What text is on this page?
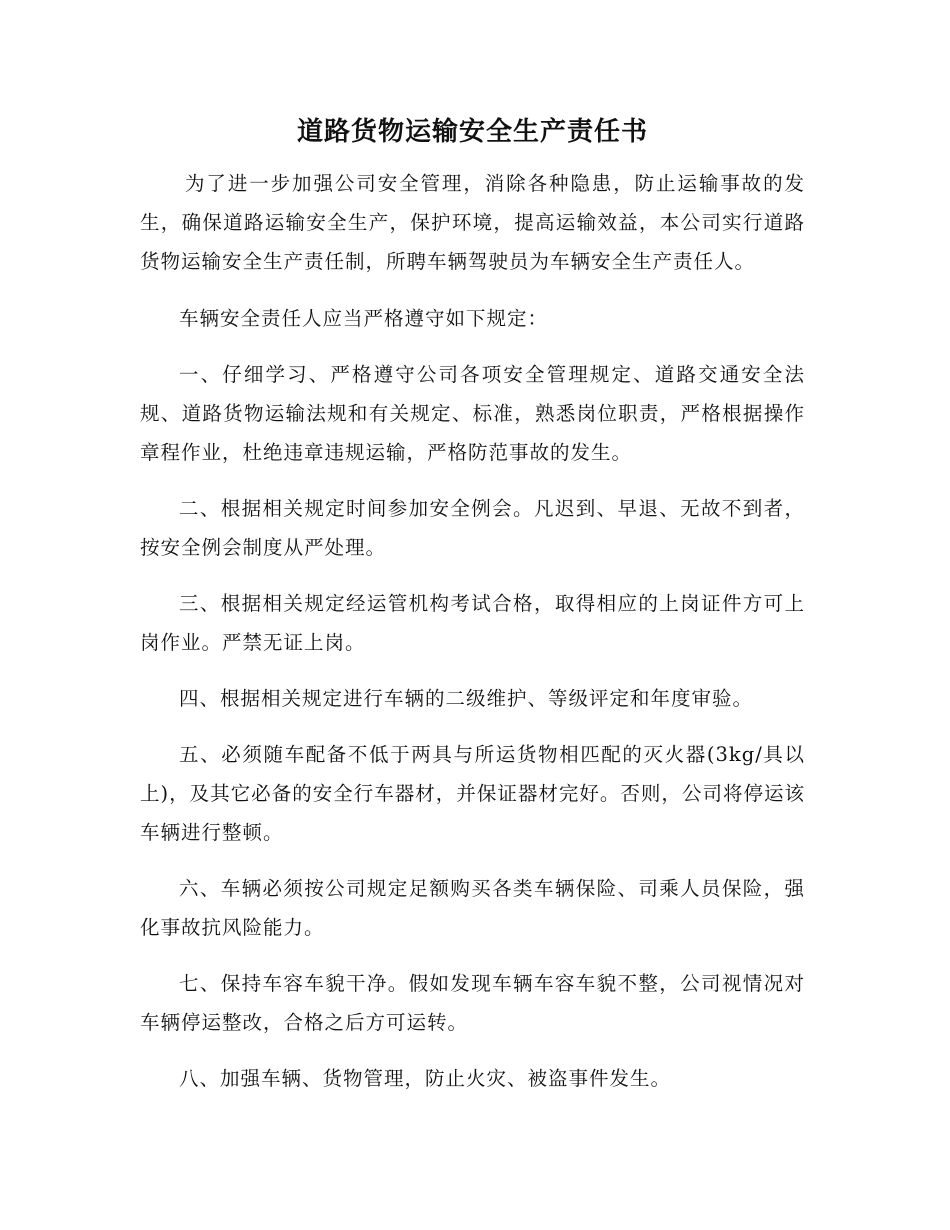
道路货物运输安全生产责任书

为了进一步加强公司安全管理，消除各种隐患，防止运输事故的发生，确保道路运输安全生产，保护环境，提高运输效益，本公司实行道路货物运输安全生产责任制，所聘车辆驾驶员为车辆安全生产责任人。

车辆安全责任人应当严格遵守如下规定：

一、仔细学习、严格遵守公司各项安全管理规定、道路交通安全法规、道路货物运输法规和有关规定、标准，熟悉岗位职责，严格根据操作章程作业，杜绝违章违规运输，严格防范事故的发生。

二、根据相关规定时间参加安全例会。凡迟到、早退、无故不到者，按安全例会制度从严处理。

三、根据相关规定经运管机构考试合格，取得相应的上岗证件方可上岗作业。严禁无证上岗。

四、根据相关规定进行车辆的二级维护、等级评定和年度审验。

五、必须随车配备不低于两具与所运货物相匹配的灭火器(3kg/具以上)，及其它必备的安全行车器材，并保证器材完好。否则，公司将停运该车辆进行整顿。

六、车辆必须按公司规定足额购买各类车辆保险、司乘人员保险，强化事故抗风险能力。

七、保持车容车貌干净。假如发现车辆车容车貌不整，公司视情况对车辆停运整改，合格之后方可运转。

八、加强车辆、货物管理，防止火灾、被盗事件发生。
